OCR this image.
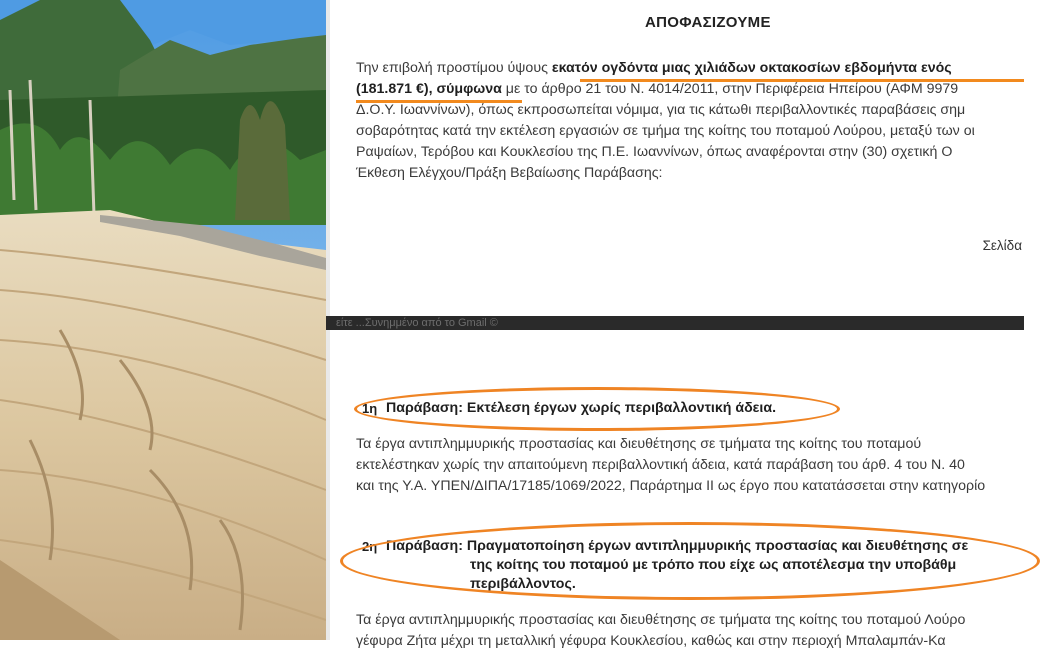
ΑΠΟΦΑΣΙΖΟΥΜΕ
Την επιβολή προστίμου ύψους εκατόν ογδόντα μιας χιλιάδων οκτακοσίων εβδομήντα ενός
(181.871 €), σύμφωνα με το άρθρο 21 του Ν. 4014/2011, στην Περιφέρεια Ηπείρου (ΑΦΜ 9979
Δ.Ο.Υ. Ιωαννίνων), όπως εκπροσωπείται νόμιμα, για τις κάτωθι περιβαλλοντικές παραβάσεις σημ
σοβαρότητας κατά την εκτέλεση εργασιών σε τμήμα της κοίτης του ποταμού Λούρου, μεταξύ των οι
Ραψαίων, Τερόβου και Κουκλεσίου της Π.Ε. Ιωαννίνων, όπως αναφέρονται στην (30) σχετική Ο
Έκθεση Ελέγχου/Πράξη Βεβαίωσης Παράβασης:
Σελίδα
είτε ...Συνημμένο από το Gmail ©
1η Παράβαση: Εκτέλεση έργων χωρίς περιβαλλοντική άδεια.
Τα έργα αντιπλημμυρικής προστασίας και διευθέτησης σε τμήματα της κοίτης του ποταμού
εκτελέστηκαν χωρίς την απαιτούμενη περιβαλλοντική άδεια, κατά παράβαση του άρθ. 4 του Ν. 40
και της Υ.Α. ΥΠΕΝ/ΔΙΠΑ/17185/1069/2022, Παράρτημα ΙΙ ως έργο που κατατάσσεται στην κατηγορίο
2η Παράβαση: Πραγματοποίηση έργων αντιπλημμυρικής προστασίας και διευθέτησης σε
της κοίτης του ποταμού με τρόπο που είχε ως αποτέλεσμα την υποβάθμ
περιβάλλοντος.
Τα έργα αντιπλημμυρικής προστασίας και διευθέτησης σε τμήματα της κοίτης του ποταμού Λούρο
γέφυρα Ζήτα μέχρι τη μεταλλική γέφυρα Κουκλεσίου, καθώς και στην περιοχή Μπαλαμπάν-Κα
